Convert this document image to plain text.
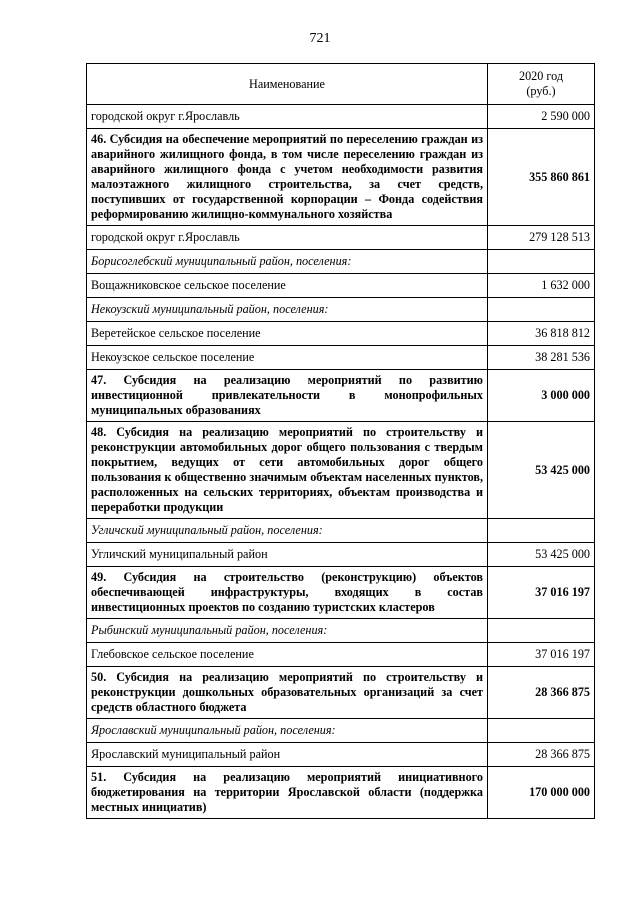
721
Наименование	2020 год
(руб.)

городской округ г.Ярославль	2 590 000
46. Субсидия на обеспечение мероприятий по переселению граждан из аварийного жилищного фонда, в том числе переселению граждан из аварийного жилищного фонда с учетом необходимости развития малоэтажного жилищного строительства, за счет средств, поступивших от государственной корпорации – Фонда содействия реформированию жилищно-коммунального хозяйства	355 860 861
городской округ г.Ярославль	279 128 513
Борисоглебский муниципальный район, поселения:	
Вощажниковское сельское поселение	1 632 000
Некоузский муниципальный район, поселения:	
Веретейское сельское поселение	36 818 812
Некоузское сельское поселение	38 281 536
47. Субсидия на реализацию мероприятий по развитию инвестиционной привлекательности в монопрофильных муниципальных образованиях	3 000 000
48. Субсидия на реализацию мероприятий по строительству и реконструкции автомобильных дорог общего пользования с твердым покрытием, ведущих от сети автомобильных дорог общего пользования к общественно значимым объектам населенных пунктов, расположенных на сельских территориях, объектам производства и переработки продукции	53 425 000
Угличский муниципальный район, поселения:	
Угличский муниципальный район	53 425 000
49. Субсидия на строительство (реконструкцию) объектов обеспечивающей инфраструктуры, входящих в состав инвестиционных проектов по созданию туристских кластеров	37 016 197
Рыбинский муниципальный район, поселения:	
Глебовское сельское поселение	37 016 197
50. Субсидия на реализацию мероприятий по строительству и реконструкции дошкольных образовательных организаций за счет средств областного бюджета	28 366 875
Ярославский муниципальный район, поселения:	
Ярославский муниципальный район	28 366 875
51. Субсидия на реализацию мероприятий инициативного бюджетирования на территории Ярославской области (поддержка местных инициатив)	170 000 000
